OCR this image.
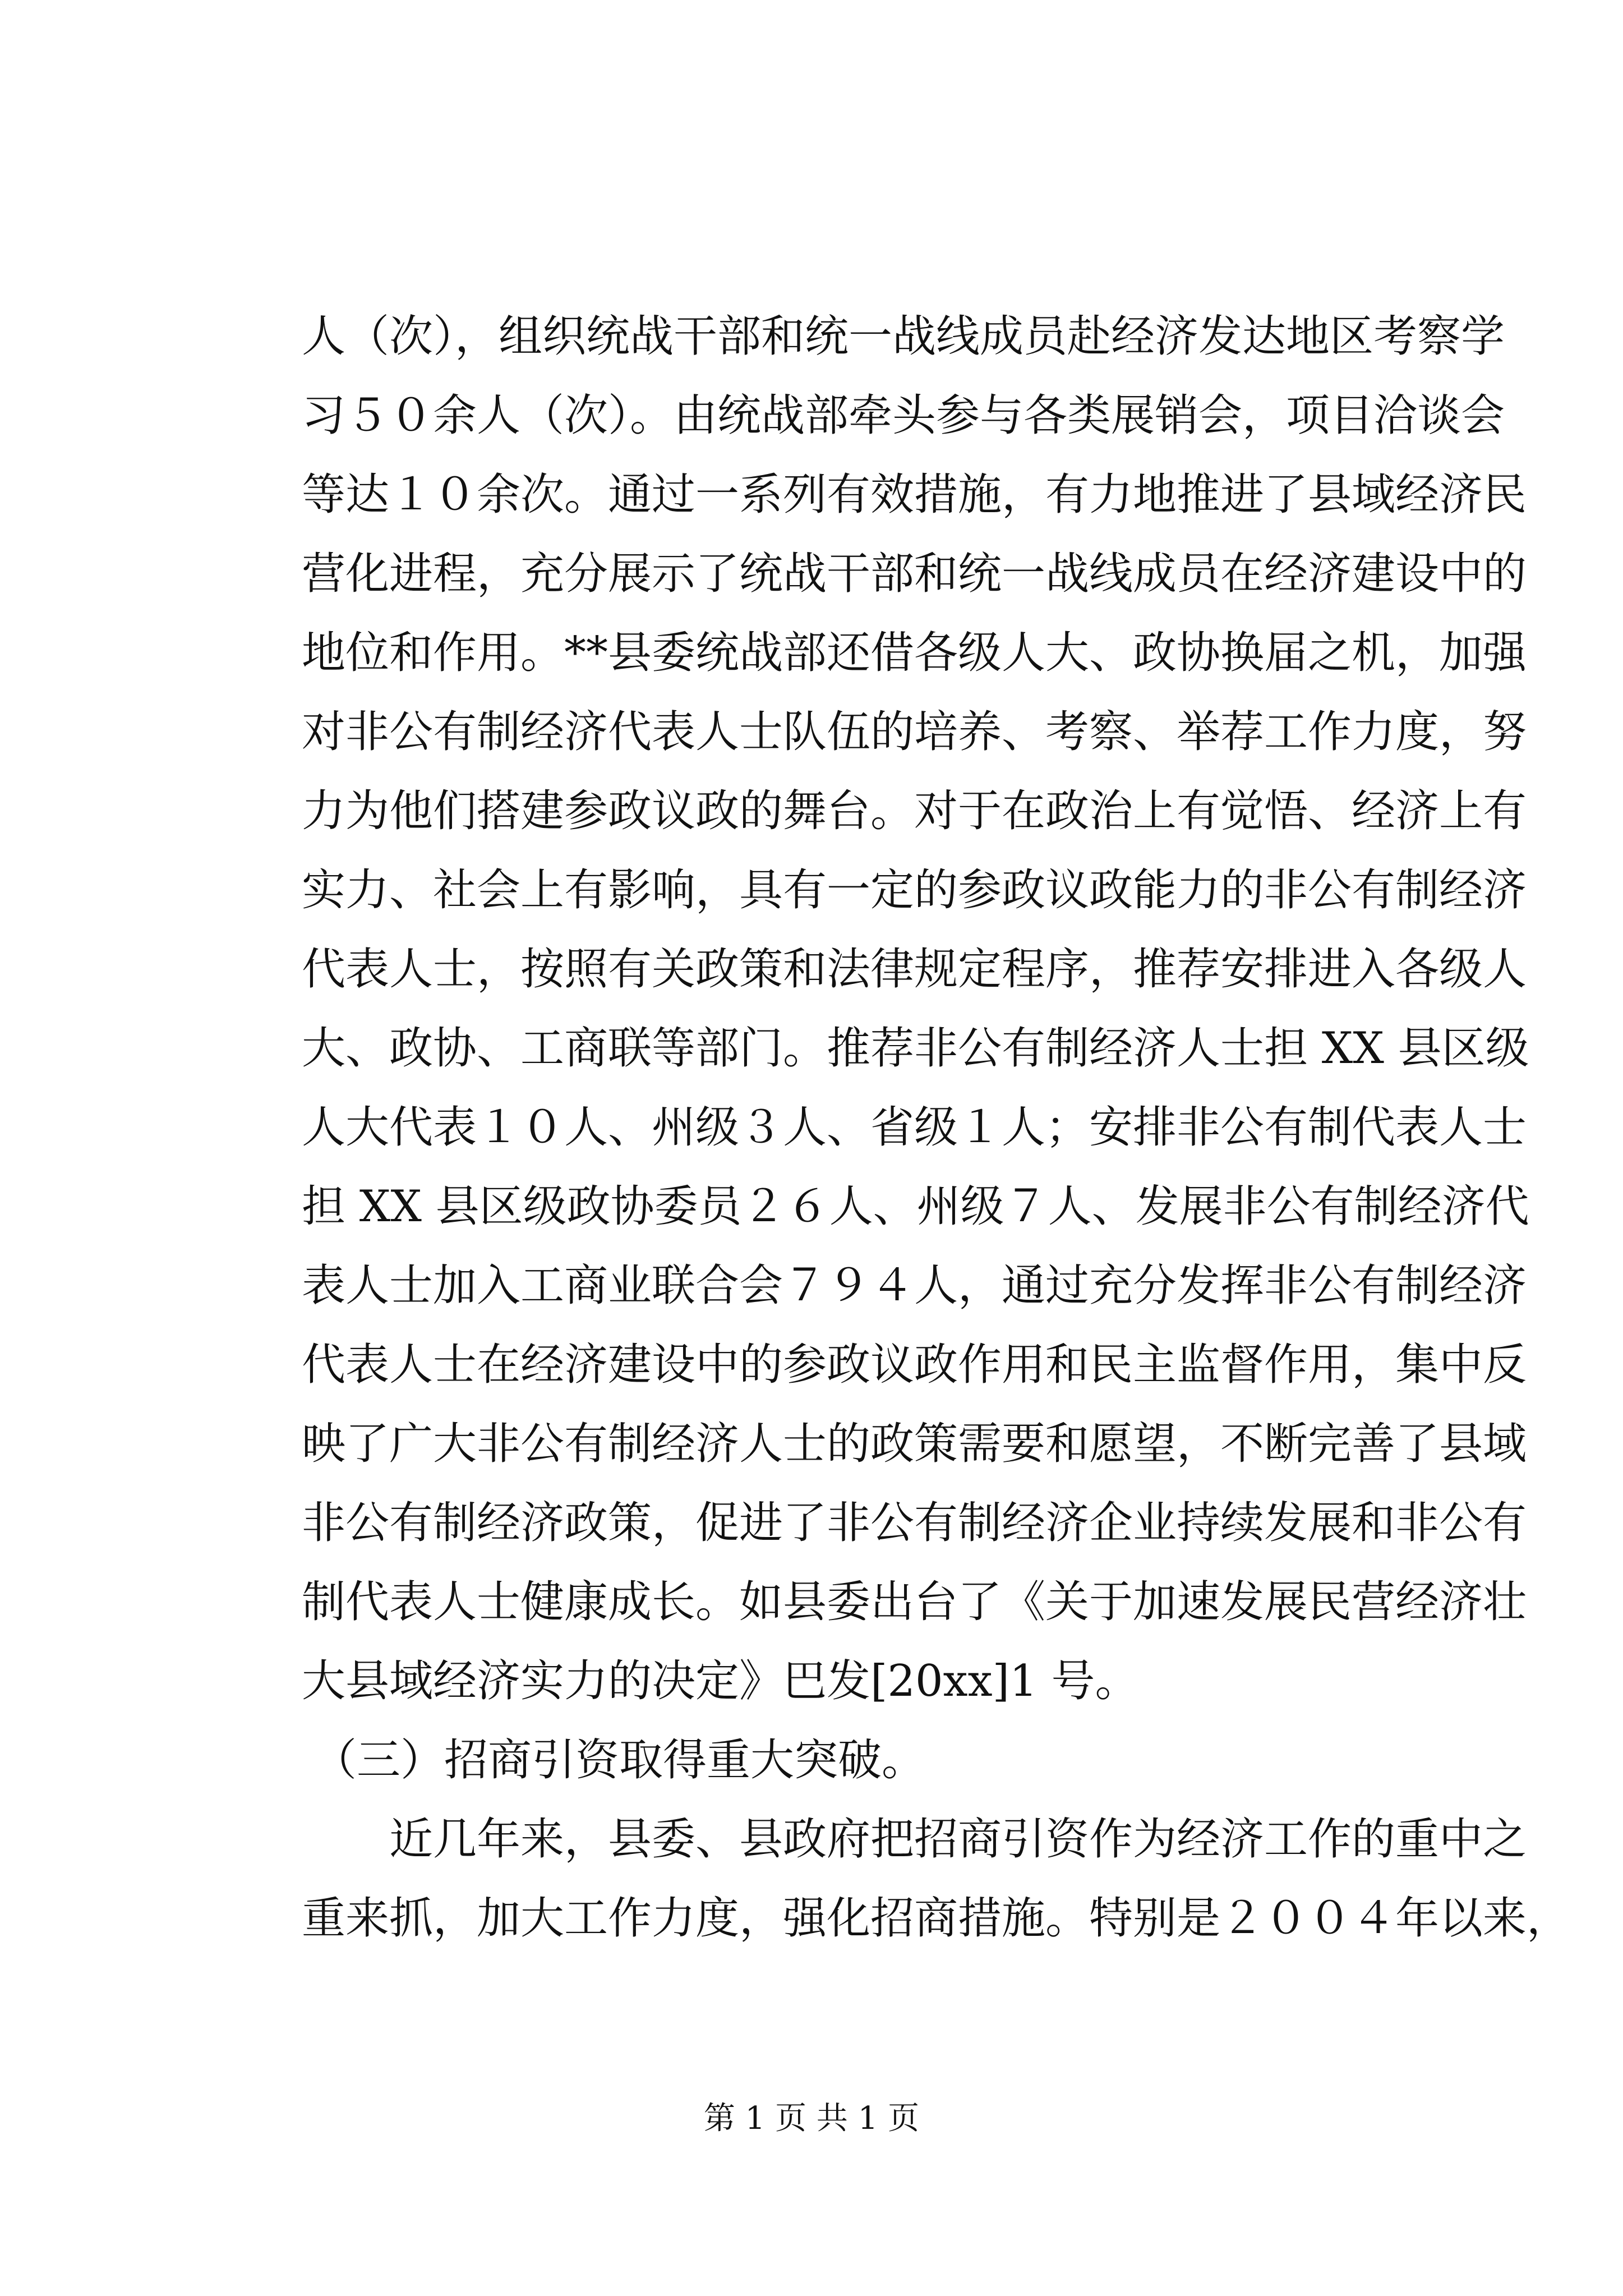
人（次），组织统战干部和统一战线成员赴经济发达地区考察学
习５０余人（次）。由统战部牵头参与各类展销会，项目洽谈会
等达１０余次。通过一系列有效措施，有力地推进了县域经济民
营化进程，充分展示了统战干部和统一战线成员在经济建设中的
地位和作用。**县委统战部还借各级人大、政协换届之机，加强
对非公有制经济代表人士队伍的培养、考察、举荐工作力度，努
力为他们搭建参政议政的舞台。对于在政治上有觉悟、经济上有
实力、社会上有影响，具有一定的参政议政能力的非公有制经济
代表人士，按照有关政策和法律规定程序，推荐安排进入各级人
大、政协、工商联等部门。推荐非公有制经济人士担 XX 县区级
人大代表１０人、州级３人、省级１人；安排非公有制代表人士
担 XX 县区级政协委员２６人、州级７人、发展非公有制经济代
表人士加入工商业联合会７９４人，通过充分发挥非公有制经济
代表人士在经济建设中的参政议政作用和民主监督作用，集中反
映了广大非公有制经济人士的政策需要和愿望，不断完善了县域
非公有制经济政策，促进了非公有制经济企业持续发展和非公有
制代表人士健康成长。如县委出台了《关于加速发展民营经济壮
大县域经济实力的决定》巴发[20xx]1 号。
（三）招商引资取得重大突破。
近几年来，县委、县政府把招商引资作为经济工作的重中之
重来抓，加大工作力度，强化招商措施。特别是２００４年以来，
第 1 页 共 1 页
